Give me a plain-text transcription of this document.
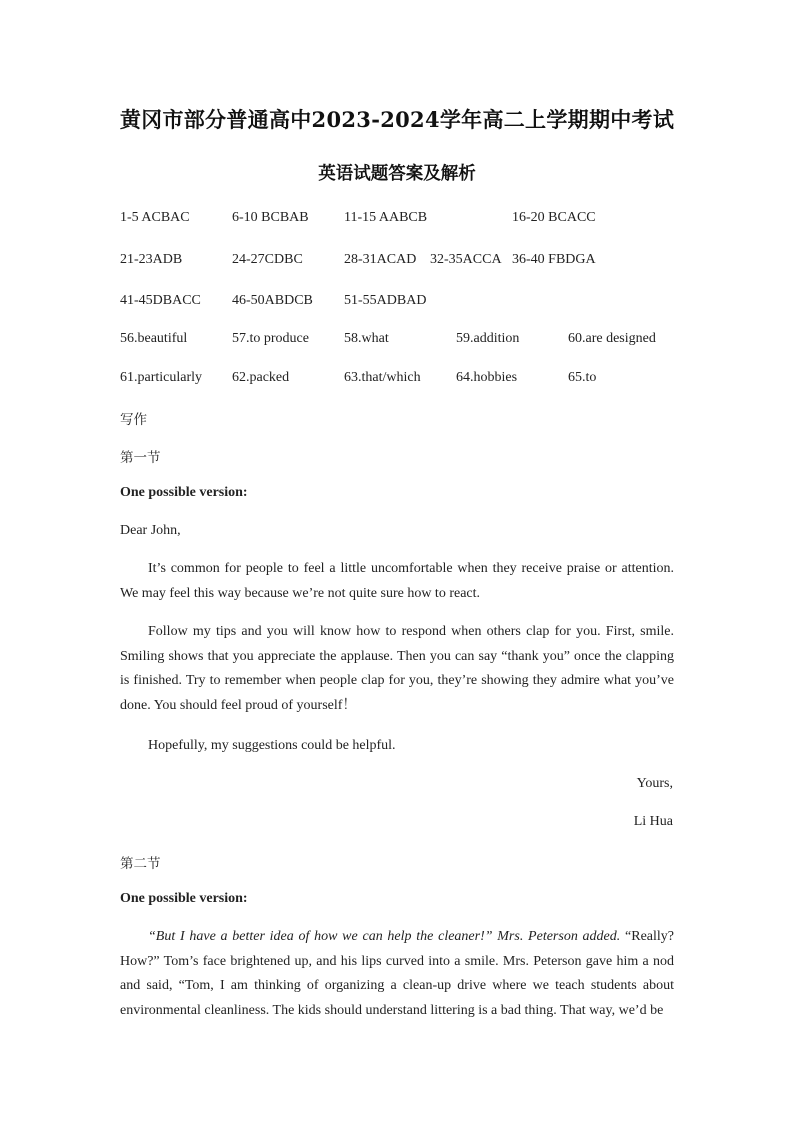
黄冈市部分普通高中2023-2024学年高二上学期期中考试
英语试题答案及解析
1-5 ACBAC	6-10 BCBAB	11-15 AABCB	16-20 BCACC
21-23ADB	24-27CDBC	28-31ACAD 32-35ACCA 36-40 FBDGA
41-45DBACC 46-50ABDCB 51-55ADBAD
56.beautiful	57.to produce	58.what	59.addition	60.are designed
61.particularly 62.packed	63.that/which	64.hobbies	65.to
写作
第一节
One possible version:
Dear John,
It’s common for people to feel a little uncomfortable when they receive praise or attention. We may feel this way because we’re not quite sure how to react.
Follow my tips and you will know how to respond when others clap for you. First, smile. Smiling shows that you appreciate the applause. Then you can say “thank you” once the clapping is finished. Try to remember when people clap for you, they’re showing they admire what you’ve done. You should feel proud of yourself！
Hopefully, my suggestions could be helpful.
Yours,
Li Hua
第二节
One possible version:
“But I have a better idea of how we can help the cleaner!” Mrs. Peterson added. “Really? How?” Tom’s face brightened up, and his lips curved into a smile. Mrs. Peterson gave him a nod and said, “Tom, I am thinking of organizing a clean-up drive where we teach students about environmental cleanliness. The kids should understand littering is a bad thing. That way, we’d be
